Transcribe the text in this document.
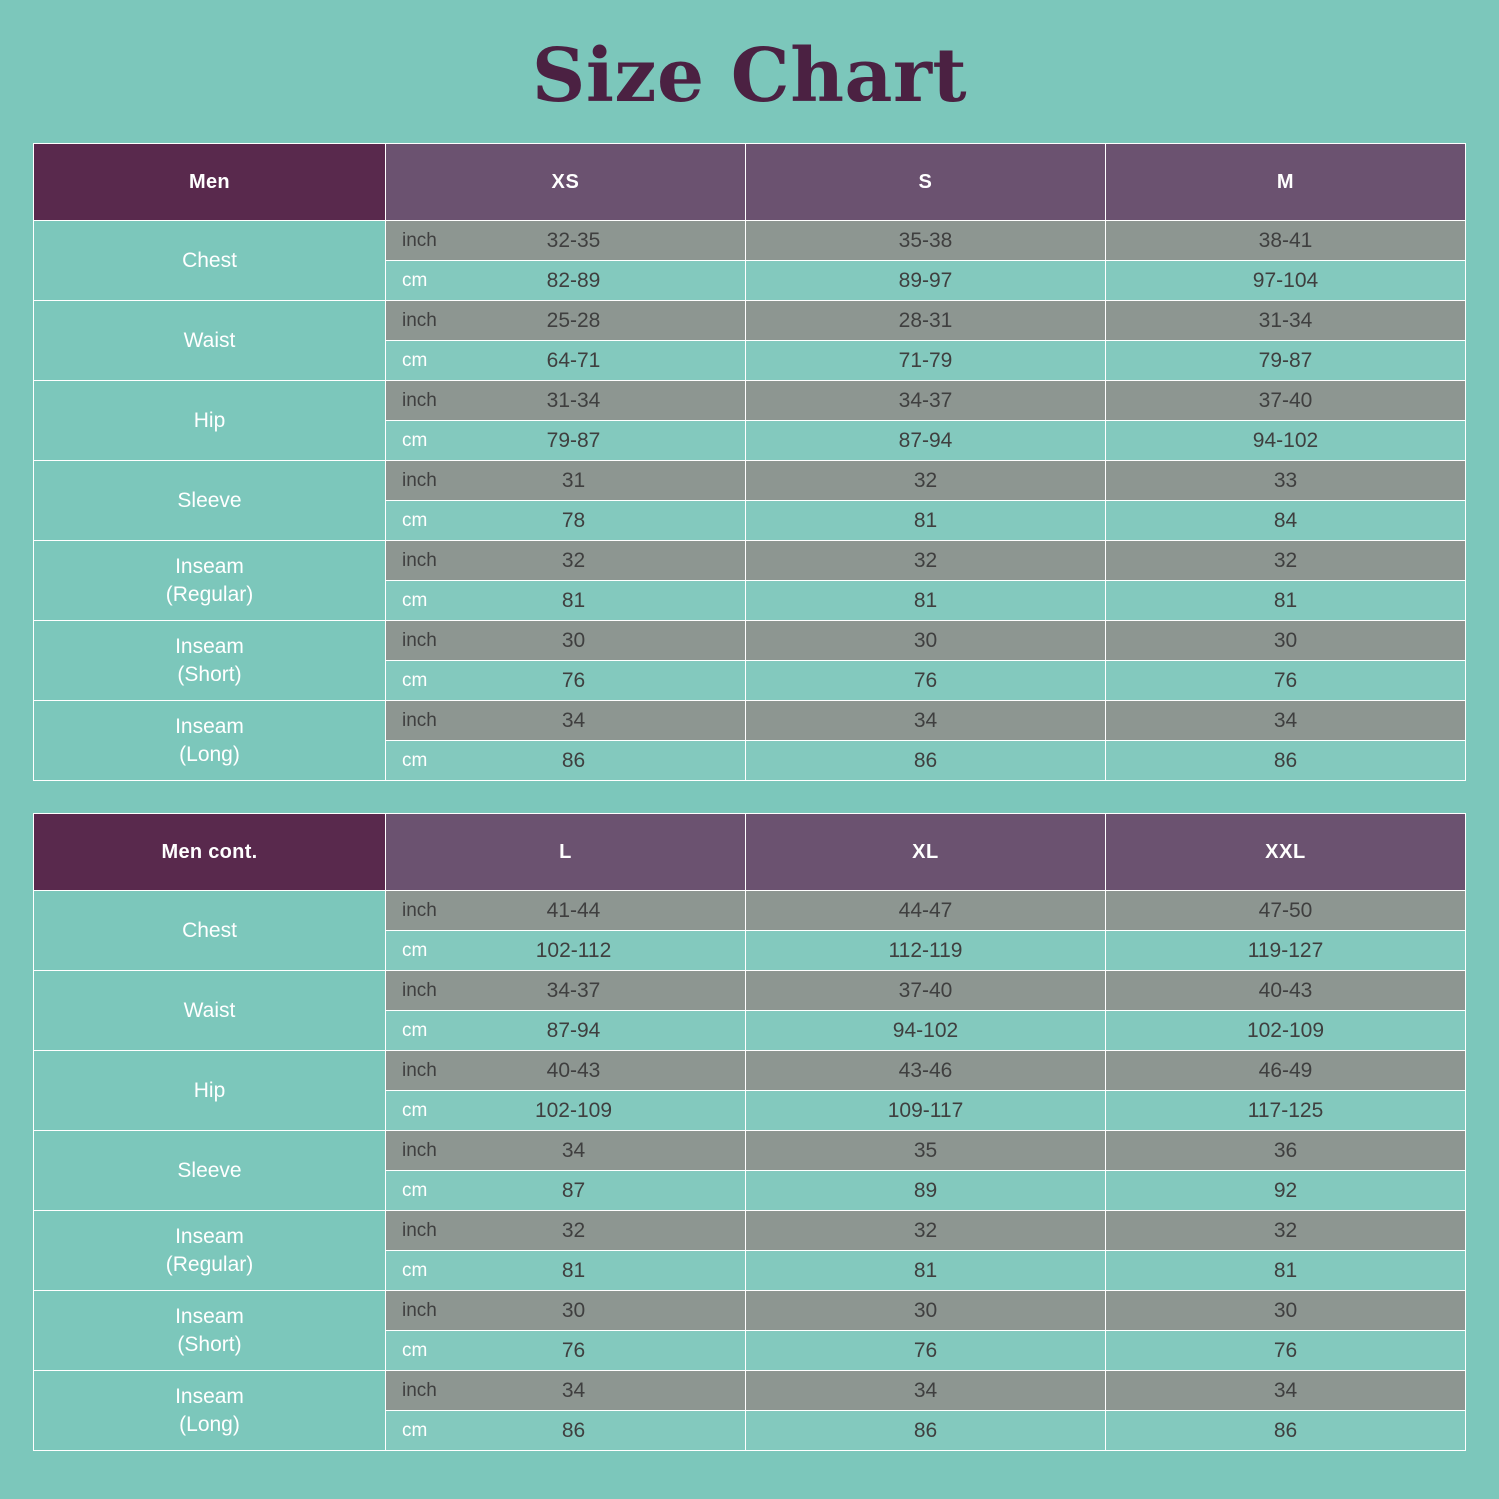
Size Chart
Men	XS	S	M
Chest	inch 32-35	35-38	38-41

	cm 82-89	89-97	97-104

Waist	inch 25-28	28-31	31-34

	cm 64-71	71-79	79-87

Hip	inch 31-34	34-37	37-40

	cm 79-87	87-94	94-102

Sleeve	inch 31	32	33

	cm 78	81	84

Inseam
(Regular)	inch 32	32	32

	cm 81	81	81

Inseam
(Short)	inch 30	30	30

	cm 76	76	76

Inseam
(Long)	inch 34	34	34

	cm 86	86	86
Men cont.	L	XL	XXL
Chest	inch 41-44	44-47	47-50

	cm 102-112	112-119	119-127

Waist	inch 34-37	37-40	40-43

	cm 87-94	94-102	102-109

Hip	inch 40-43	43-46	46-49

	cm 102-109	109-117	117-125

Sleeve	inch 34	35	36

	cm 87	89	92

Inseam
(Regular)	inch 32	32	32

	cm 81	81	81

Inseam
(Short)	inch 30	30	30

	cm 76	76	76

Inseam
(Long)	inch 34	34	34

	cm 86	86	86
